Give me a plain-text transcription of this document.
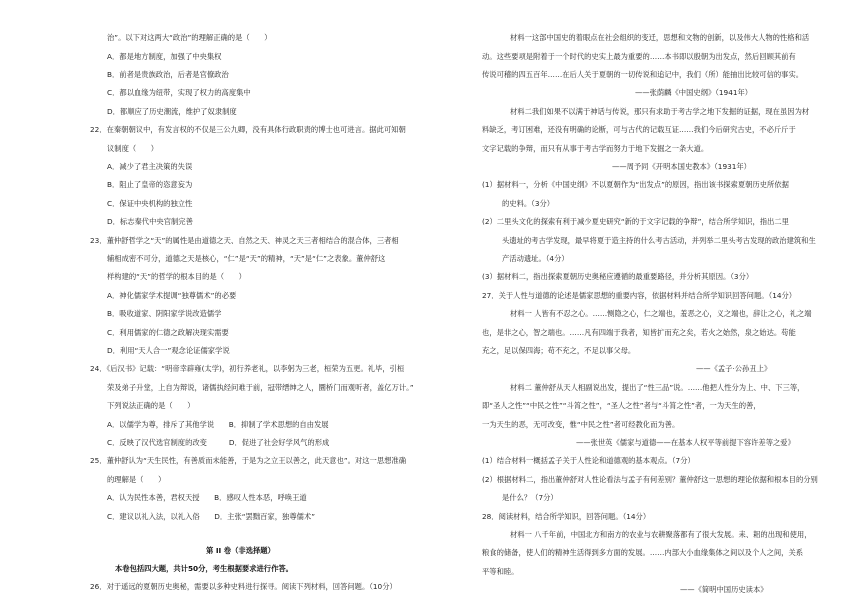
治”。以下对这两大“政治”的理解正确的是（　　）
A．都是地方制度，加强了中央集权
B．前者是贵族政治，后者是官僚政治
C．都以血缘为纽带，实现了权力的高度集中
D．都顺应了历史潮流，维护了奴隶制度
22．在秦朝朝议中，有发言权的不仅是三公九卿，没有具体行政职责的博士也可进言。据此可知朝
议制度（　　）
A．减少了君主决策的失误
B．阻止了皇帝的恣意妄为
C．保证中央机构的独立性
D．标志秦代中央官制完善
23．董仲舒哲学之“天”的属性是由道德之天、自然之天、神灵之天三者相结合的混合体，三者相
辅相成密不可分，道德之天是核心，“仁”是“天”的精神，“天”是“仁”之表象。董仲舒这
样构建的“天”的哲学的根本目的是（　　）
A．神化儒家学术提调“独尊儒术”的必要
B．吸收道家、阴阳家学说改造儒学
C．利用儒家的仁德之政解决现实需要
D．利用“天人合一”观念论证儒家学说
24．《后汉书》记载：“明帝幸辟雍(太学)，初行养老礼，以李躬为三老，桓荣为五更。礼毕，引桓
荣及弟子升堂，上自为辩说，诸儒执经问难于前，冠带缙绅之人，圜桥门而观听者，盖亿万计。”
下列说法正确的是（　　）
A．以儒学为尊，排斥了其他学说　　B．抑制了学术思想的自由发展
C．反映了汉代选官制度的改变　　　D．促进了社会好学风气的形成
25．董仲舒认为“天生民性，有善质而未能善，于是为之立王以善之，此天意也”。对这一思想准确
的理解是（　　）
A．认为民性本善，君权天授　　B．感叹人性本恶，呼唤王道
C．建议以礼入法，以礼入俗　　D．主张“罢黜百家，独尊儒术”
第 II 卷（非选择题）
本卷包括四大题，共计50分，考生根据要求进行作答。
26．对于遥远的夏朝历史奥秘，需要以多种史料进行探寻。阅读下列材料，回答问题。（10分）
材料一这部中国史的着眼点在社会组织的变迁，思想和文物的创新，以及伟大人物的性格和活
动。这些要项是附着于一个时代的史实上最为重要的……本书即以殷朝为出发点，然后回顾其前有
传说可稽的四五百年……在后人关于夏朝的一切传说和追记中，我们（所）能抽出比较可信的事实。
——张荫麟《中国史纲》（1941年）
材料二我们如果不以满于神话与传说，那只有求助于考古学之地下发掘的证据，现在虽因为材
料缺乏，考订困难，还没有明确的论断，可与古代的记载互证……我们今后研究古史，不必斤斤于
文字记载的争辩，而只有从事于考古学而努力于地下发掘之一条大道。
——周予同《开明本国史教本》（1931年）
(1）据材料一，分析《中国史纲》不以夏朝作为“出发点”的原因，指出该书探索夏朝历史所依据
的史料。（3分）
(2）二里头文化的探索有利于减少夏史研究“新的于文字记载的争辩”，结合所学知识，指出二里
头遗址的考古学发现，最早将夏于造主持的什么考古活动，并列举二里头考古发现的政治建筑和生
产活动遗址。（4分）
(3）据材料二，指出探索夏朝历史奥秘应遵循的最重要路径，并分析其原因。（3分）
27．关于人性与道德的论述是儒家思想的重要内容，依据材料并结合所学知识回答问题。（14分）
材料一 人皆有不忍之心。……恻隐之心，仁之端也，羞恶之心，义之端也，辞让之心，礼之端
也，是非之心，智之端也。……凡有四端于我者，知皆扩而充之矣，若火之始然，泉之始达。苟能
充之，足以保四海；苟不充之，不足以事父母。
——《孟子·公孙丑上》
材料二 董仲舒从天人相副说出发，提出了“性三品”说。……他把人性分为上、中、下三等，
即“圣人之性”“中民之性”“斗筲之性”，“圣人之性”者与“斗筲之性”者，一为天生的善，
一为天生的恶，无可改变，惟“中民之性”者可经教化而为善。
——张世英《儒家与道德——在基本人权平等前提下容许差等之爱》
(1）结合材料一概括孟子关于人性论和道德观的基本观点。（7分）
(2）根据材料二，指出董仲舒对人性论看法与孟子有何差别？董仲舒这一思想的理论依据和根本目的分别
是什么？（7分）
28．阅读材料，结合所学知识，回答问题。（14分）
材料一 八千年前，中国北方和南方的农业与农耕聚落都有了很大发展。耒、耜的出现和使用，
粮食的储备，使人们的精神生活得到多方面的发展。……内部大小血缘集体之间以及个人之间，关系
平等和睦。
——《简明中国历史读本》
